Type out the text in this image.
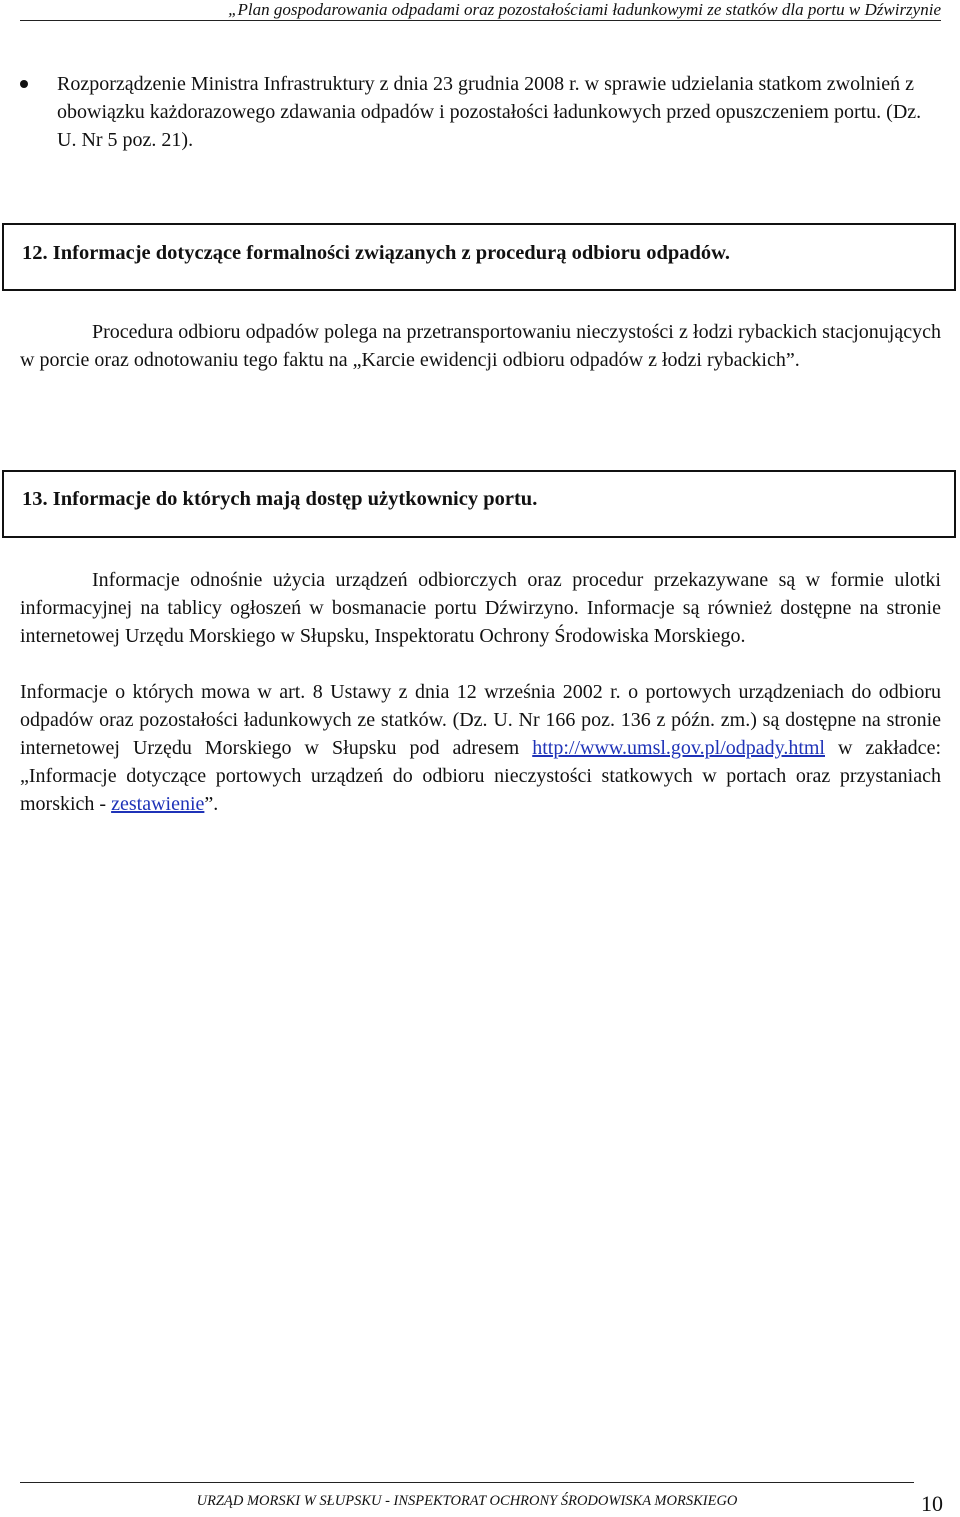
„Plan gospodarowania odpadami oraz pozostałościami ładunkowymi ze statków dla portu w Dźwirzynie
Rozporządzenie Ministra Infrastruktury z dnia 23 grudnia 2008 r. w sprawie udzielania statkom zwolnień z obowiązku każdorazowego zdawania odpadów i pozostałości ładunkowych przed opuszczeniem portu. (Dz. U. Nr 5 poz. 21).
12. Informacje dotyczące formalności związanych z procedurą odbioru odpadów.
Procedura odbioru odpadów polega na przetransportowaniu nieczystości z łodzi rybackich stacjonujących w porcie oraz odnotowaniu tego faktu na „Karcie ewidencji odbioru odpadów z łodzi rybackich”.
13. Informacje do których mają dostęp użytkownicy portu.
Informacje odnośnie użycia urządzeń odbiorczych oraz procedur przekazywane są w formie ulotki informacyjnej na tablicy ogłoszeń w bosmanacie portu Dźwirzyno. Informacje są również dostępne na stronie internetowej Urzędu Morskiego w Słupsku, Inspektoratu Ochrony Środowiska Morskiego.
Informacje o których mowa w art. 8 Ustawy z dnia 12 września 2002 r. o portowych urządzeniach do odbioru odpadów oraz pozostałości ładunkowych ze statków. (Dz. U. Nr 166 poz. 136 z późn. zm.) są dostępne na stronie internetowej Urzędu Morskiego w Słupsku pod adresem http://www.umsl.gov.pl/odpady.html w zakładce: „Informacje dotyczące portowych urządzeń do odbioru nieczystości statkowych w portach oraz przystaniach morskich - zestawienie”.
URZĄD MORSKI W SŁUPSKU - INSPEKTORAT OCHRONY ŚRODOWISKA MORSKIEGO	10
